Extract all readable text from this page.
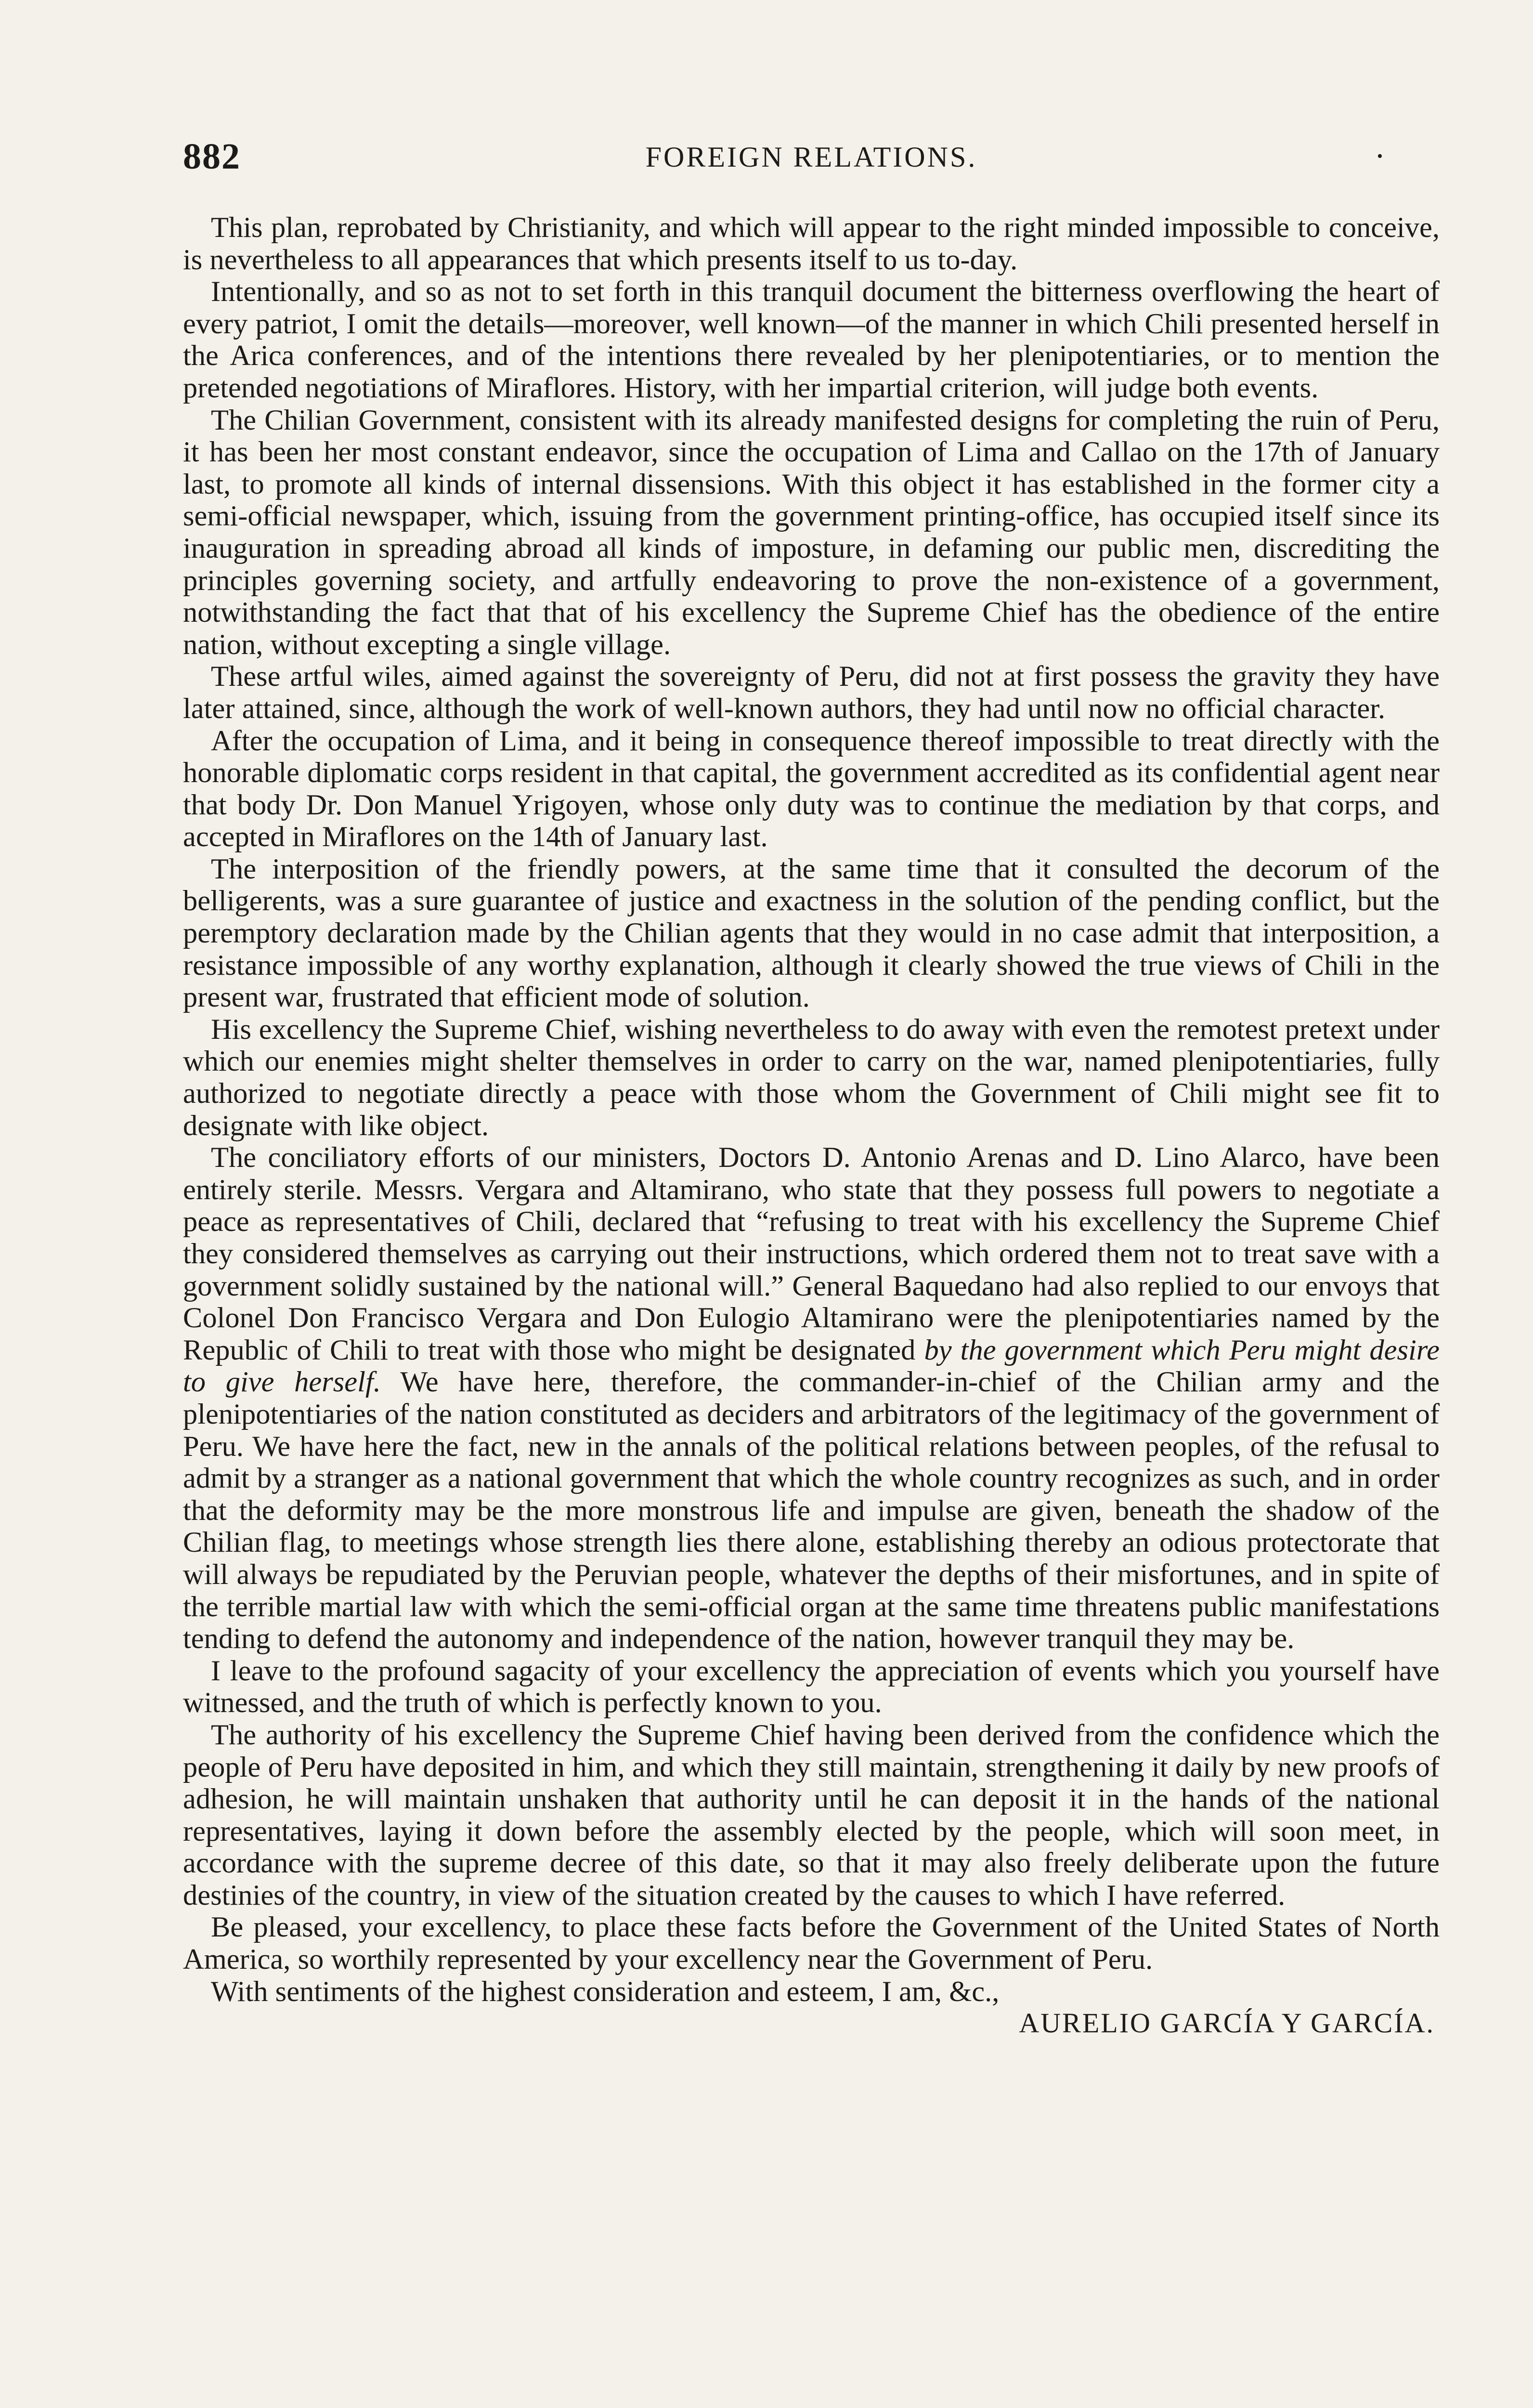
882	•
FOREIGN RELATIONS.

This plan, reprobated by Christianity, and which will appear to the right minded impossible to conceive, is nevertheless to all appearances that which presents itself to us to-day.

Intentionally, and so as not to set forth in this tranquil document the bitterness overflowing the heart of every patriot, I omit the details—moreover, well known—of the manner in which Chili presented herself in the Arica conferences, and of the intentions there revealed by her plenipotentiaries, or to mention the pretended negotiations of Miraflores. History, with her impartial criterion, will judge both events.

The Chilian Government, consistent with its already manifested designs for completing the ruin of Peru, it has been her most constant endeavor, since the occupation of Lima and Callao on the 17th of January last, to promote all kinds of internal dissensions. With this object it has established in the former city a semi-official newspaper, which, issuing from the government printing-office, has occupied itself since its inauguration in spreading abroad all kinds of imposture, in defaming our public men, discrediting the principles governing society, and artfully endeavoring to prove the non-existence of a government, notwithstanding the fact that that of his excellency the Supreme Chief has the obedience of the entire nation, without excepting a single village.

These artful wiles, aimed against the sovereignty of Peru, did not at first possess the gravity they have later attained, since, although the work of well-known authors, they had until now no official character.

After the occupation of Lima, and it being in consequence thereof impossible to treat directly with the honorable diplomatic corps resident in that capital, the government accredited as its confidential agent near that body Dr. Don Manuel Yrigoyen, whose only duty was to continue the mediation by that corps, and accepted in Miraflores on the 14th of January last.

The interposition of the friendly powers, at the same time that it consulted the decorum of the belligerents, was a sure guarantee of justice and exactness in the solution of the pending conflict, but the peremptory declaration made by the Chilian agents that they would in no case admit that interposition, a resistance impossible of any worthy explanation, although it clearly showed the true views of Chili in the present war, frustrated that efficient mode of solution.

His excellency the Supreme Chief, wishing nevertheless to do away with even the remotest pretext under which our enemies might shelter themselves in order to carry on the war, named plenipotentiaries, fully authorized to negotiate directly a peace with those whom the Government of Chili might see fit to designate with like object.

The conciliatory efforts of our ministers, Doctors D. Antonio Arenas and D. Lino Alarco, have been entirely sterile. Messrs. Vergara and Altamirano, who state that they possess full powers to negotiate a peace as representatives of Chili, declared that “refusing to treat with his excellency the Supreme Chief they considered themselves as carrying out their instructions, which ordered them not to treat save with a government solidly sustained by the national will.” General Baquedano had also replied to our envoys that Colonel Don Francisco Vergara and Don Eulogio Altamirano were the plenipotentiaries named by the Republic of Chili to treat with those who might be designated by the government which Peru might desire to give herself. We have here, therefore, the commander-in-chief of the Chilian army and the plenipotentiaries of the nation constituted as deciders and arbitrators of the legitimacy of the government of Peru. We have here the fact, new in the annals of the political relations between peoples, of the refusal to admit by a stranger as a national government that which the whole country recognizes as such, and in order that the deformity may be the more monstrous life and impulse are given, beneath the shadow of the Chilian flag, to meetings whose strength lies there alone, establishing thereby an odious protectorate that will always be repudiated by the Peruvian people, whatever the depths of their misfortunes, and in spite of the terrible martial law with which the semi-official organ at the same time threatens public manifestations tending to defend the autonomy and independence of the nation, however tranquil they may be.

I leave to the profound sagacity of your excellency the appreciation of events which you yourself have witnessed, and the truth of which is perfectly known to you.

The authority of his excellency the Supreme Chief having been derived from the confidence which the people of Peru have deposited in him, and which they still maintain, strengthening it daily by new proofs of adhesion, he will maintain unshaken that authority until he can deposit it in the hands of the national representatives, laying it down before the assembly elected by the people, which will soon meet, in accordance with the supreme decree of this date, so that it may also freely deliberate upon the future destinies of the country, in view of the situation created by the causes to which I have referred.

Be pleased, your excellency, to place these facts before the Government of the United States of North America, so worthily represented by your excellency near the Government of Peru.

With sentiments of the highest consideration and esteem, I am, &c.,

AURELIO GARCÍA Y GARCÍA.
